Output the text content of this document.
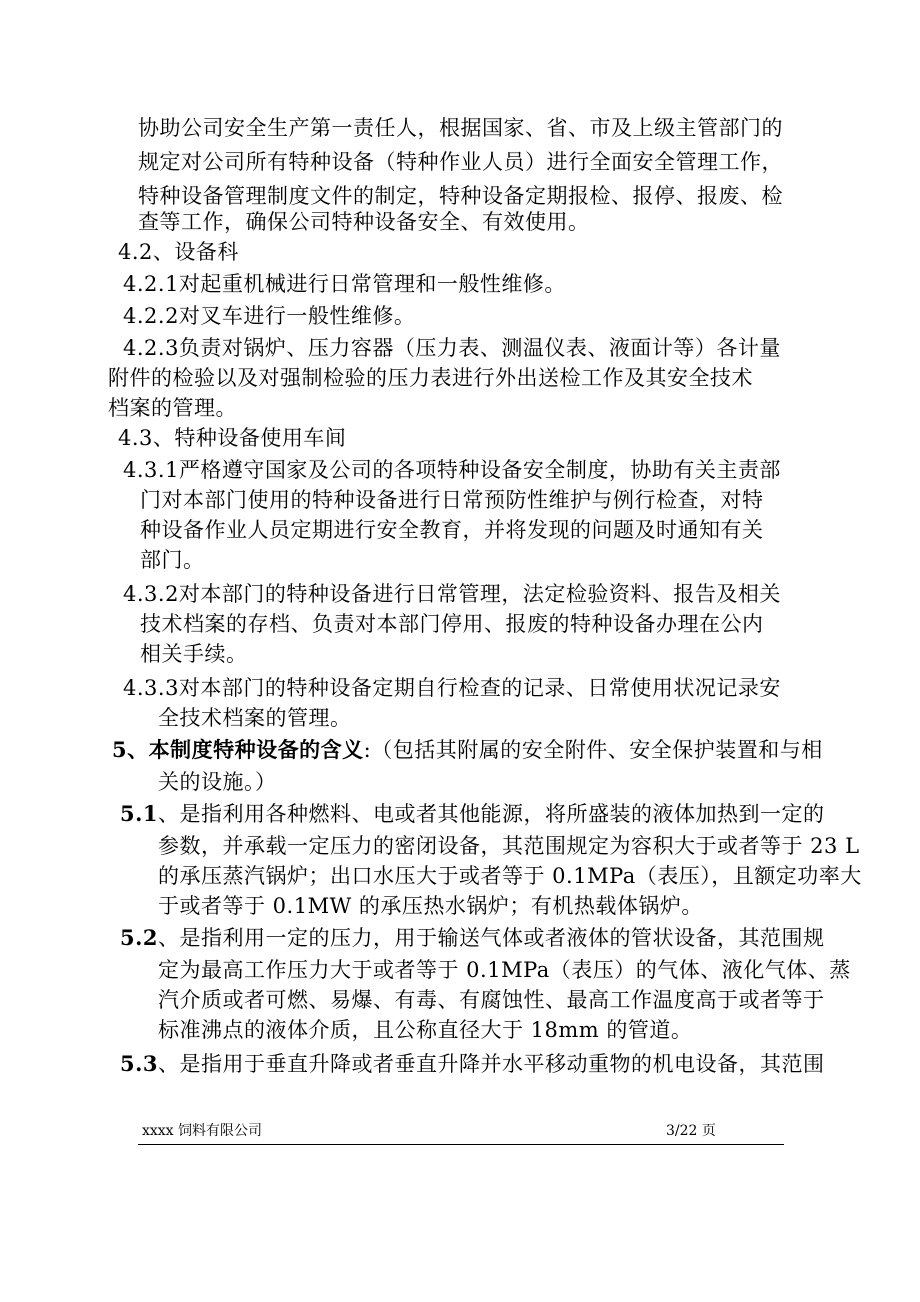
协助公司安全生产第一责任人，根据国家、省、市及上级主管部门的
规定对公司所有特种设备（特种作业人员）进行全面安全管理工作，
特种设备管理制度文件的制定，特种设备定期报检、报停、报废、检
查等工作，确保公司特种设备安全、有效使用。
4.2、设备科
4.2.1对起重机械进行日常管理和一般性维修。
4.2.2对叉车进行一般性维修。
4.2.3负责对锅炉、压力容器（压力表、测温仪表、液面计等）各计量
附件的检验以及对强制检验的压力表进行外出送检工作及其安全技术
档案的管理。
4.3、特种设备使用车间
4.3.1严格遵守国家及公司的各项特种设备安全制度，协助有关主责部
门对本部门使用的特种设备进行日常预防性维护与例行检查，对特
种设备作业人员定期进行安全教育，并将发现的问题及时通知有关
部门。
4.3.2对本部门的特种设备进行日常管理，法定检验资料、报告及相关
技术档案的存档、负责对本部门停用、报废的特种设备办理在公内
相关手续。
4.3.3对本部门的特种设备定期自行检查的记录、日常使用状况记录安
全技术档案的管理。
5、本制度特种设备的含义:（包括其附属的安全附件、安全保护装置和与相
关的设施。）
5.1、是指利用各种燃料、电或者其他能源，将所盛装的液体加热到一定的
参数，并承载一定压力的密闭设备，其范围规定为容积大于或者等于 23 L
的承压蒸汽锅炉；出口水压大于或者等于 0.1MPa（表压），且额定功率大
于或者等于 0.1MW 的承压热水锅炉；有机热载体锅炉。
5.2、是指利用一定的压力，用于输送气体或者液体的管状设备，其范围规
定为最高工作压力大于或者等于 0.1MPa（表压）的气体、液化气体、蒸
汽介质或者可燃、易爆、有毒、有腐蚀性、最高工作温度高于或者等于
标准沸点的液体介质，且公称直径大于 18mm 的管道。
5.3、是指用于垂直升降或者垂直升降并水平移动重物的机电设备，其范围
xxxx 饲料有限公司	3/22 页
